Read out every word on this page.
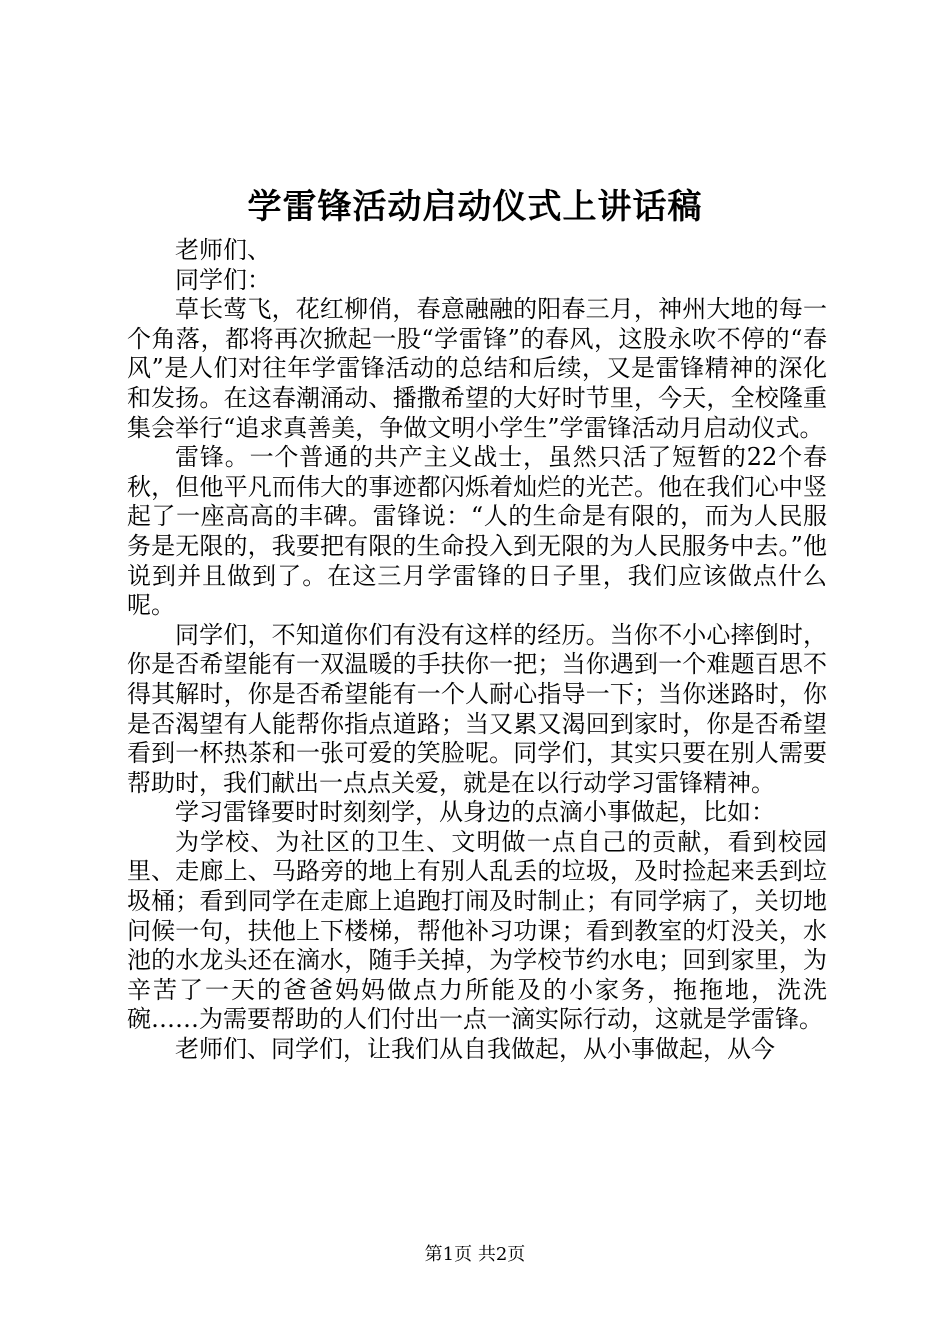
学雷锋活动启动仪式上讲话稿

老师们、

同学们：

草长莺飞，花红柳俏，春意融融的阳春三月，神州大地的每一个角落，都将再次掀起一股“学雷锋”的春风，这股永吹不停的“春风”是人们对往年学雷锋活动的总结和后续，又是雷锋精神的深化和发扬。在这春潮涌动、播撒希望的大好时节里，今天，全校隆重集会举行“追求真善美，争做文明小学生”学雷锋活动月启动仪式。

雷锋。一个普通的共产主义战士，虽然只活了短暂的22个春秋，但他平凡而伟大的事迹都闪烁着灿烂的光芒。他在我们心中竖起了一座高高的丰碑。雷锋说：“人的生命是有限的，而为人民服务是无限的，我要把有限的生命投入到无限的为人民服务中去。”他说到并且做到了。在这三月学雷锋的日子里，我们应该做点什么呢。

同学们，不知道你们有没有这样的经历。当你不小心摔倒时，你是否希望能有一双温暖的手扶你一把；当你遇到一个难题百思不得其解时，你是否希望能有一个人耐心指导一下；当你迷路时，你是否渴望有人能帮你指点道路；当又累又渴回到家时，你是否希望看到一杯热茶和一张可爱的笑脸呢。同学们，其实只要在别人需要帮助时，我们献出一点点关爱，就是在以行动学习雷锋精神。

学习雷锋要时时刻刻学，从身边的点滴小事做起，比如：

为学校、为社区的卫生、文明做一点自己的贡献，看到校园里、走廊上、马路旁的地上有别人乱丢的垃圾，及时捡起来丢到垃圾桶；看到同学在走廊上追跑打闹及时制止；有同学病了，关切地问候一句，扶他上下楼梯，帮他补习功课；看到教室的灯没关，水池的水龙头还在滴水，随手关掉，为学校节约水电；回到家里，为辛苦了一天的爸爸妈妈做点力所能及的小家务，拖拖地，洗洗碗……为需要帮助的人们付出一点一滴实际行动，这就是学雷锋。

老师们、同学们，让我们从自我做起，从小事做起，从今

第1页 共2页
